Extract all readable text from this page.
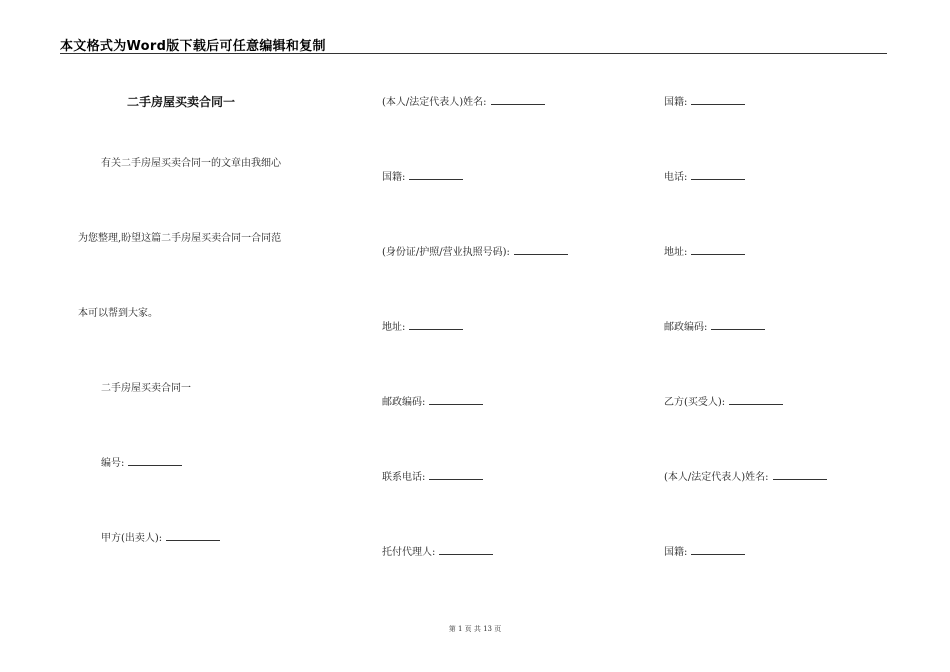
本文格式为Word版下载后可任意编辑和复制
二手房屋买卖合同一
有关二手房屋买卖合同一的文章由我细心
为您整理,盼望这篇二手房屋买卖合同一合同范
本可以帮到大家。
二手房屋买卖合同一
编号:
甲方(出卖人):
(本人/法定代表人)姓名:
国籍:
(身份证/护照/营业执照号码):
地址:
邮政编码:
联系电话:
托付代理人:
国籍:
电话:
地址:
邮政编码:
乙方(买受人):
(本人/法定代表人)姓名:
国籍:
第 1 页 共 13 页
